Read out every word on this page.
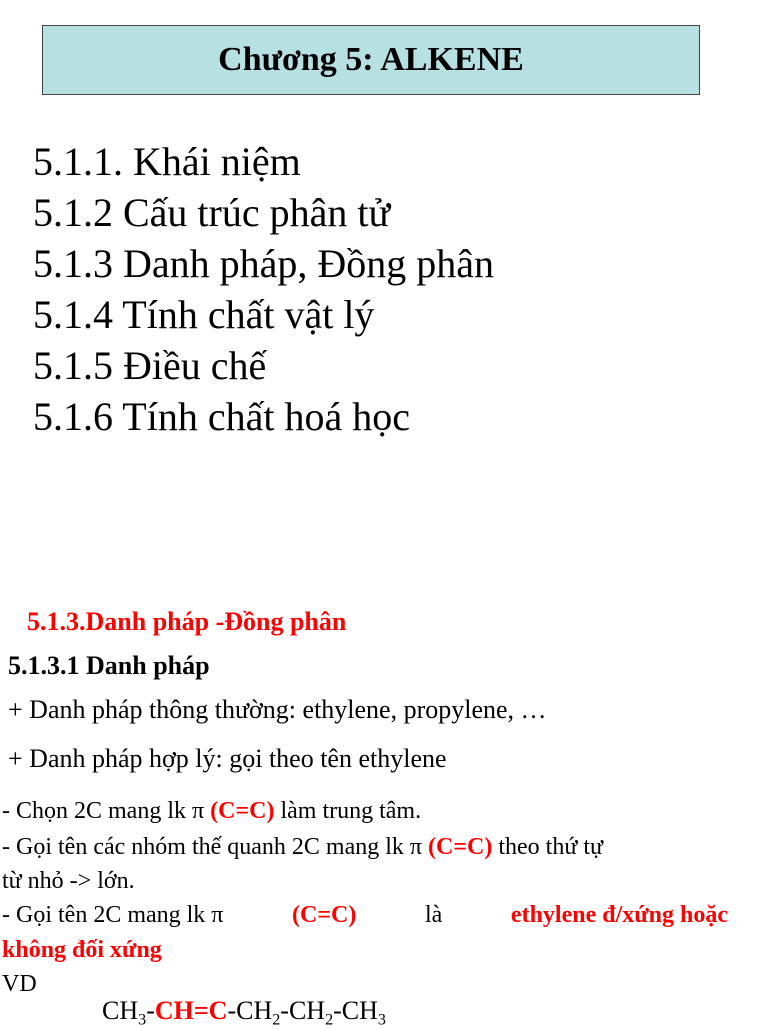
Chương 5: ALKENE
5.1.1. Khái niệm
5.1.2 Cấu trúc phân tử
5.1.3 Danh pháp, Đồng phân
5.1.4 Tính chất vật lý
5.1.5 Điều chế
5.1.6 Tính chất hoá học
5.1.3.Danh pháp -Đồng phân
5.1.3.1 Danh pháp
+ Danh pháp thông thường: ethylene, propylene, …
+ Danh pháp hợp lý: gọi theo tên ethylene
- Chọn 2C mang lk π (C=C) làm trung tâm.
- Gọi tên các nhóm thế quanh 2C mang lk π (C=C) theo thứ tự
từ nhỏ -> lớn.
- Gọi tên 2C mang lk π	(C=C)	là	ethylene đ/xứng hoặc
không đối xứng
VD
$CH_3-CH=C-CH_2-CH_2-CH_3$
